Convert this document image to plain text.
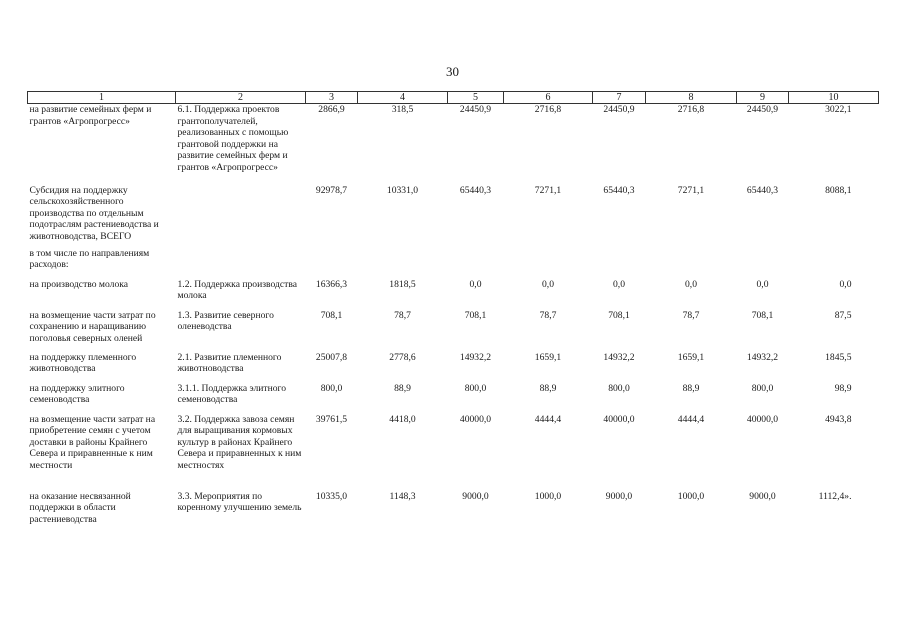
30
1	2	3	4	5	6	7	8	9	10
на развитие семейных ферм и грантов «Агропрогресс»	6.1. Поддержка проектов грантополучателей, реализованных с помощью грантовой поддержки на развитие семейных ферм и грантов «Агропрогресс»	2866,9	318,5	24450,9	2716,8	24450,9	2716,8	24450,9	3022,1
Субсидия на поддержку сельскохозяйственного производства по отдельным подотраслям растениеводства и животноводства, ВСЕГО		92978,7	10331,0	65440,3	7271,1	65440,3	7271,1	65440,3	8088,1
в том числе по направлениям расходов:									
на производство молока	1.2. Поддержка производства молока	16366,3	1818,5	0,0	0,0	0,0	0,0	0,0	0,0
на возмещение части затрат по сохранению и наращиванию поголовья северных оленей	1.3. Развитие северного оленеводства	708,1	78,7	708,1	78,7	708,1	78,7	708,1	87,5
на поддержку племенного животноводства	2.1. Развитие племенного животноводства	25007,8	2778,6	14932,2	1659,1	14932,2	1659,1	14932,2	1845,5
на поддержку элитного семеноводства	3.1.1. Поддержка элитного семеноводства	800,0	88,9	800,0	88,9	800,0	88,9	800,0	98,9
на возмещение части затрат на приобретение семян с учетом доставки в районы Крайнего Севера и приравненные к ним местности	3.2. Поддержка завоза семян для выращивания кормовых культур в районах Крайнего Севера и приравненных к ним местностях	39761,5	4418,0	40000,0	4444,4	40000,0	4444,4	40000,0	4943,8
на оказание несвязанной поддержки в области растениеводства	3.3. Мероприятия по коренному улучшению земель	10335,0	1148,3	9000,0	1000,0	9000,0	1000,0	9000,0	1112,4».
